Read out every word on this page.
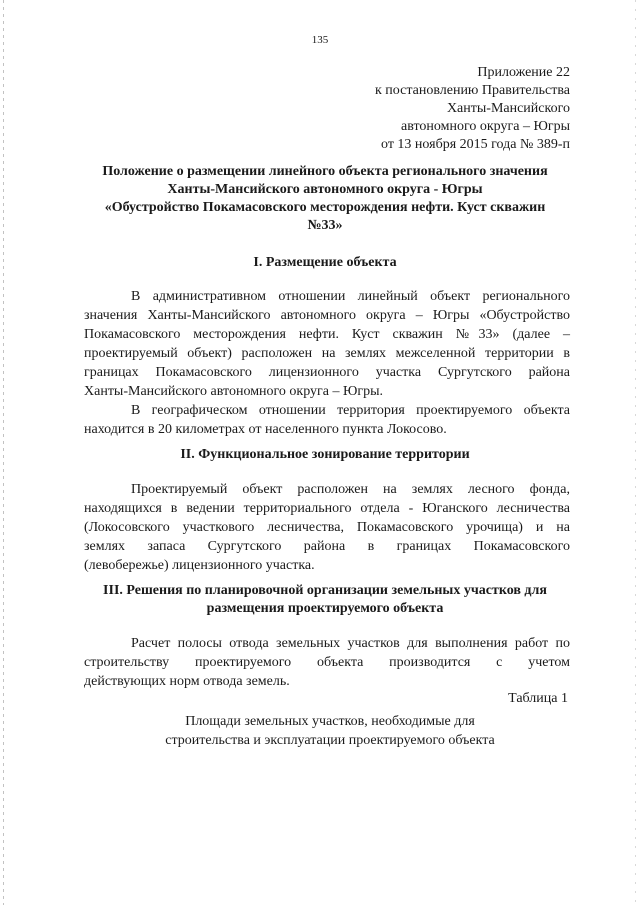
135
Приложение 22
к постановлению Правительства
Ханты-Мансийского
автономного округа – Югры
от 13 ноября 2015 года № 389-п
Положение о размещении линейного объекта регионального значения
Ханты-Мансийского автономного округа - Югры
«Обустройство Покамасовского месторождения нефти. Куст скважин
№33»
I. Размещение объекта
В административном отношении линейный объект регионального
значения Ханты-Мансийского автономного округа – Югры «Обустройство
Покамасовского месторождения нефти. Куст скважин №33» (далее –
проектируемый объект) расположен на землях межселенной территории в
границах Покамасовского лицензионного участка Сургутского района
Ханты-Мансийского автономного округа – Югры.
В географическом отношении территория проектируемого объекта
находится в 20 километрах от населенного пункта Локосово.
II. Функциональное зонирование территории
Проектируемый объект расположен на землях лесного фонда,
находящихся в ведении территориального отдела - Юганского лесничества
(Локосовского участкового лесничества, Покамасовского урочища) и на
землях запаса Сургутского района в границах Покамасовского
(левобережье) лицензионного участка.
III. Решения по планировочной организации земельных участков для
размещения проектируемого объекта
Расчет полосы отвода земельных участков для выполнения работ по
строительству проектируемого объекта производится с учетом
действующих норм отвода земель.
Таблица 1
Площади земельных участков, необходимые для
строительства и эксплуатации проектируемого объекта
